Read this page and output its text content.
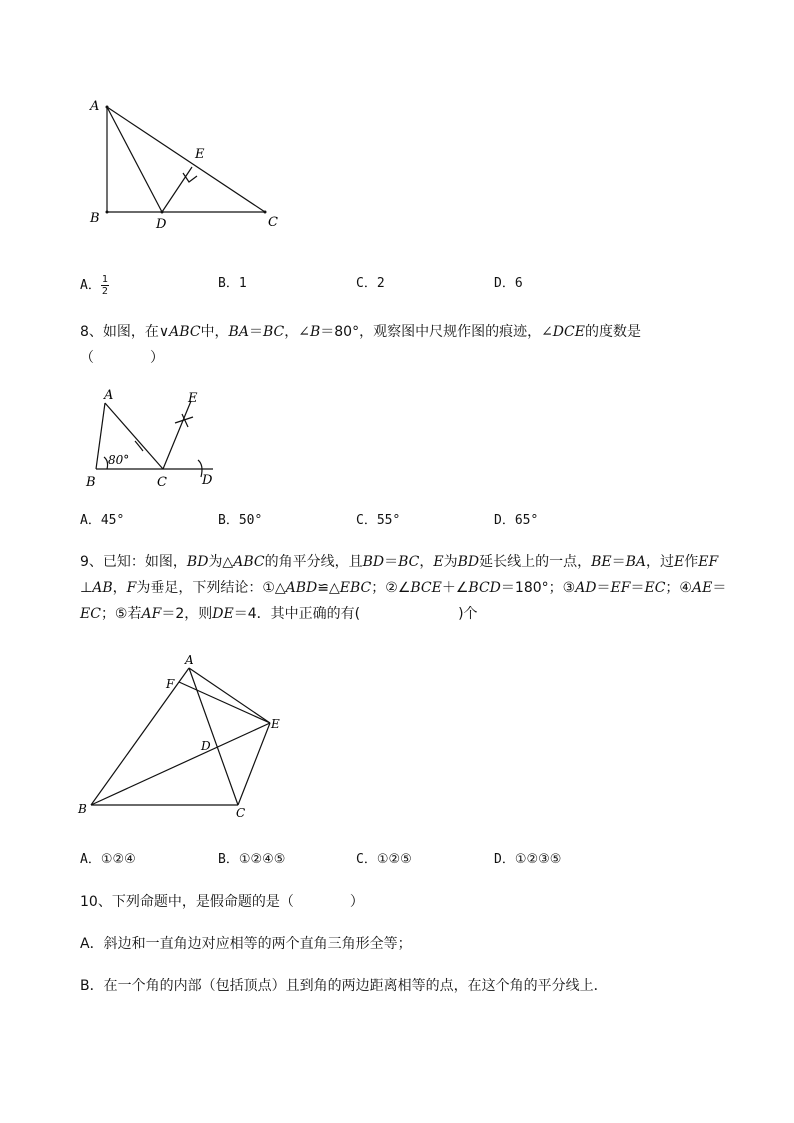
A
B	C
D
E
A． $\frac{1}{2}$	B．1	C．2	D．6
8、如图，在∨ABC中，BA＝BC，∠B＝80°，观察图中尺规作图的痕迹，∠DCE的度数是
（　　　　）
A
B	C	D
E
80°
A．45°	B．50°	C．55°	D．65°
9、已知：如图，BD为△ABC的角平分线，且BD＝BC，E为BD延长线上的一点，BE＝BA，过E作EF
⊥AB，F为垂足，下列结论：①△ABD≌△EBC；②∠BCE＋∠BCD＝180°；③AD＝EF＝EC；④AE＝
EC；⑤若AF＝2，则DE＝4．其中正确的有(　　　　　　　)个
A
F
E
D
B	C
A．①②④	B．①②④⑤	C．①②⑤	D．①②③⑤
10、下列命题中，是假命题的是（　　　　）
A．斜边和一直角边对应相等的两个直角三角形全等；
B．在一个角的内部（包括顶点）且到角的两边距离相等的点，在这个角的平分线上．
